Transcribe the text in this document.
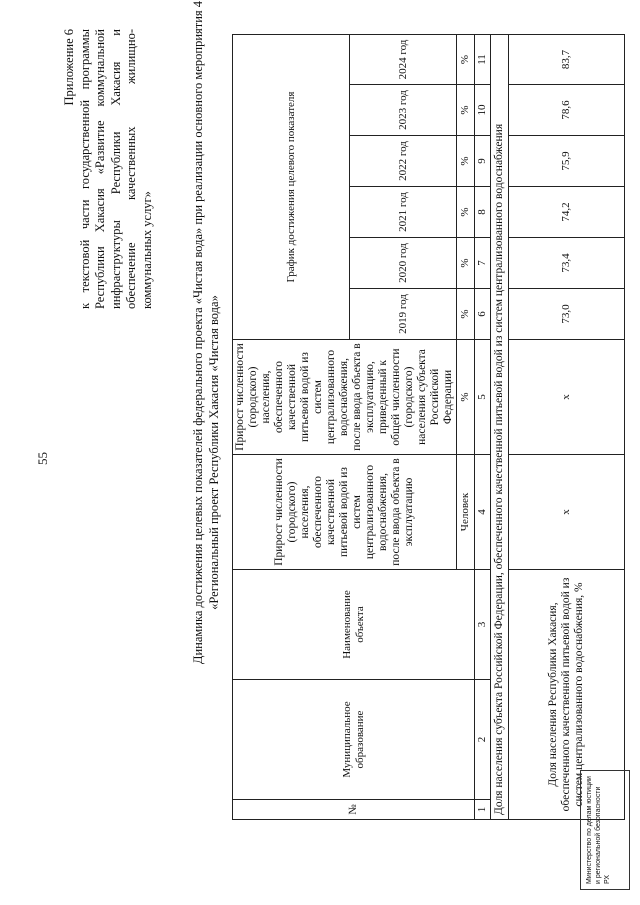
55
Приложение 6 к текстовой части государственной программы Республики Хакасия «Развитие коммунальной инфраструктуры Республики Хакасия и обеспечение качественных жилищно-коммунальных услуг»	Динамика достижения целевых показателей федерального проекта «Чистая вода» при реализации основного мероприятия 4 «Региональный проект Республики Хакасия «Чистая вода»
№	Муниципальное образование	Наименование объекта	Прирост численности (городского) населения, обеспеченного качественной питьевой водой из систем централизованного водоснабжения, после ввода объекта в эксплуатацию	Прирост численности (городского) населения, обеспеченного качественной питьевой водой из систем централизованного водоснабжения, после ввода объекта в эксплуатацию, приведенный к общей численности (городского) населения субъекта Российской Федерации	График достижения целевого показателя					
					2019 год	2020 год	2021 год	2022 год	2023 год	2024 год
			Человек	%	%	%	%	%	%	%
1	2	3	4	5	6	7	8	9	10	11
Доля населения субъекта Российской Федерации, обеспеченного качественной питьевой водой из систем централизованного водоснабжения										
Доля населения Республики Хакасия, обеспеченного качественной питьевой водой из систем централизованного водоснабжения, %			x	x	73,0	73,4	74,2	75,9	78,6	83,7
Министерство по делам юстиции и региональной безопасности РХ
